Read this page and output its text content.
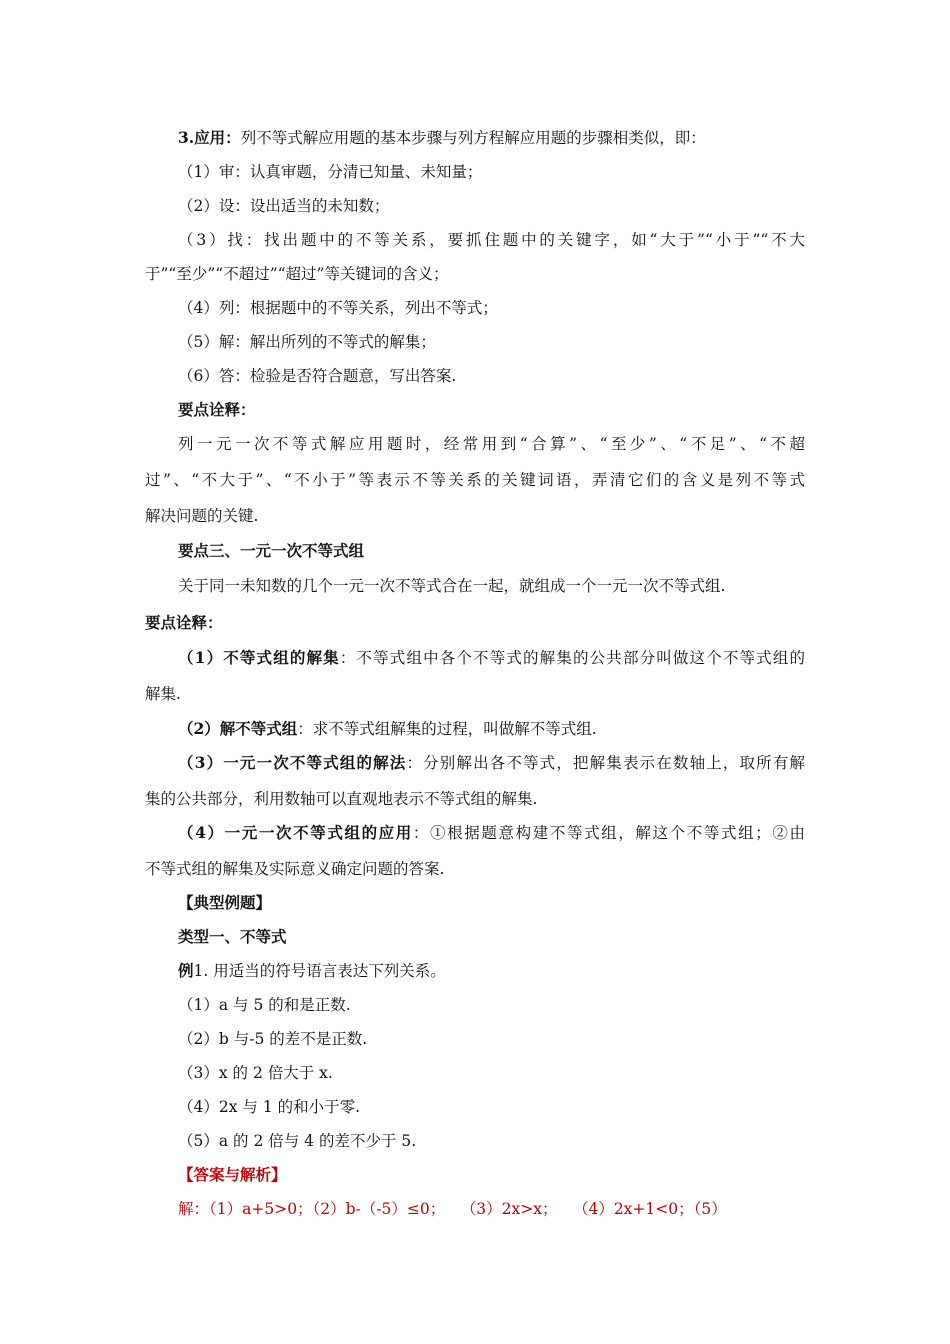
3.应用：列不等式解应用题的基本步骤与列方程解应用题的步骤相类似，即：
（1）审：认真审题，分清已知量、未知量；
（2）设：设出适当的未知数；
（3）找：找出题中的不等关系，要抓住题中的关键字，如“大于”“小于”“不大
于”“至少”“不超过”“超过”等关键词的含义；
（4）列：根据题中的不等关系，列出不等式；
（5）解：解出所列的不等式的解集；
（6）答：检验是否符合题意，写出答案.
要点诠释：
列一元一次不等式解应用题时，经常用到“合算”、“至少”、“不足”、“不超
过”、“不大于”、“不小于”等表示不等关系的关键词语，弄清它们的含义是列不等式
解决问题的关键.
要点三、一元一次不等式组
关于同一未知数的几个一元一次不等式合在一起，就组成一个一元一次不等式组.
要点诠释：
（1）不等式组的解集：不等式组中各个不等式的解集的公共部分叫做这个不等式组的
解集.
（2）解不等式组：求不等式组解集的过程，叫做解不等式组.
（3）一元一次不等式组的解法：分别解出各不等式，把解集表示在数轴上，取所有解
集的公共部分，利用数轴可以直观地表示不等式组的解集.
（4）一元一次不等式组的应用：①根据题意构建不等式组，解这个不等式组；②由
不等式组的解集及实际意义确定问题的答案.
【典型例题】
类型一、不等式
例1. 用适当的符号语言表达下列关系。
（1）a 与 5 的和是正数.
（2）b 与-5 的差不是正数.
（3）x 的 2 倍大于 x.
（4）2x 与 1 的和小于零.
（5）a 的 2 倍与 4 的差不少于 5.
【答案与解析】
解：（1）a+5>0；（2）b-（-5）≤0；　　（3）2x>x；　　（4）2x+1<0；（5）
